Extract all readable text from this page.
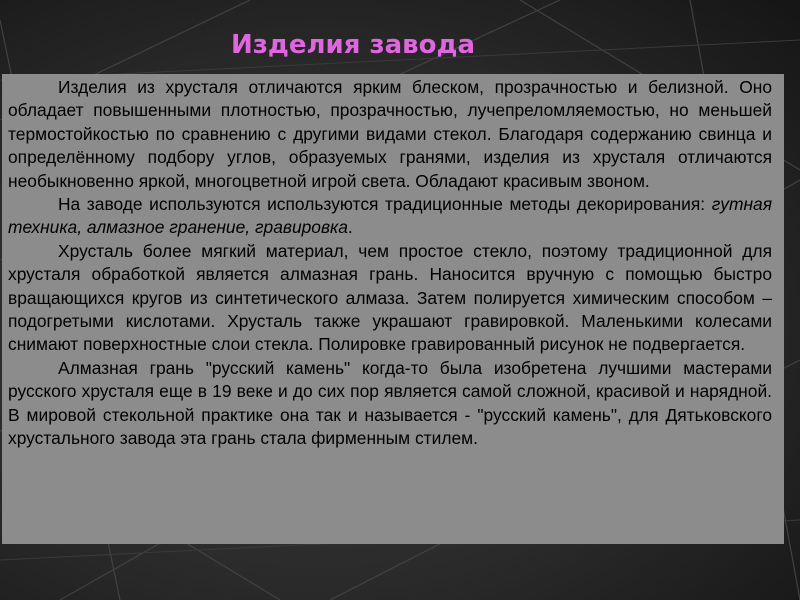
Изделия завода

Изделия из хрусталя отличаются ярким блеском, прозрачностью и белизной. Оно обладает повышенными плотностью, прозрачностью, лучепреломляемостью, но меньшей термостойкостью по сравнению с другими видами стекол. Благодаря содержанию свинца и определённому подбору углов, образуемых гранями, изделия из хрусталя отличаются необыкновенно яркой, многоцветной игрой света. Обладают красивым звоном.

На заводе используются используются традиционные методы декорирования: гутная техника, алмазное гранение, гравировка.

Хрусталь более мягкий материал, чем простое стекло, поэтому традиционной для хрусталя обработкой является алмазная грань. Наносится вручную с помощью быстро вращающихся кругов из синтетического алмаза. Затем полируется химическим способом – подогретыми кислотами. Хрусталь также украшают гравировкой. Маленькими колесами снимают поверхностные слои стекла. Полировке гравированный рисунок не подвергается.

Алмазная грань "русский камень" когда-то была изобретена лучшими мастерами русского хрусталя еще в 19 веке и до сих пор является самой сложной, красивой и нарядной. В мировой стекольной практике она так и называется - "русский камень", для Дятьковского хрустального завода эта грань стала фирменным стилем.
